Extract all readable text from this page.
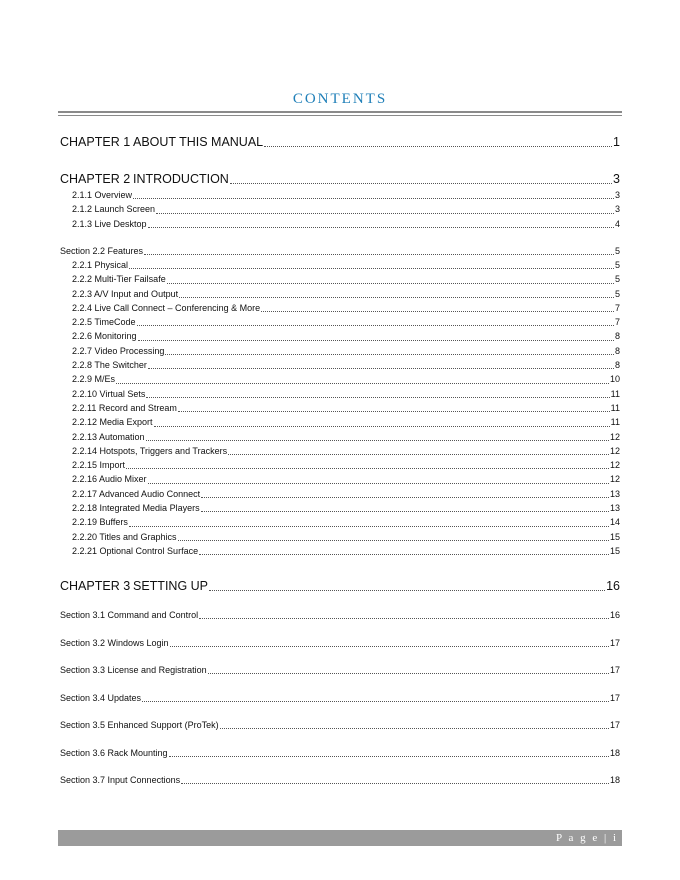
CONTENTS
CHAPTER 1 ABOUT THIS MANUAL	1
CHAPTER 2 INTRODUCTION	3
2.1.1 Overview	3
2.1.2 Launch Screen	3
2.1.3 Live Desktop	4
Section 2.2 Features	5
2.2.1 Physical	5
2.2.2 Multi-Tier Failsafe	5
2.2.3 A/V Input and Output	5
2.2.4 Live Call Connect – Conferencing & More	7
2.2.5 TimeCode	7
2.2.6 Monitoring	8
2.2.7 Video Processing	8
2.2.8 The Switcher	8
2.2.9 M/Es	10
2.2.10 Virtual Sets	11
2.2.11 Record and Stream	11
2.2.12 Media Export	11
2.2.13 Automation	12
2.2.14 Hotspots, Triggers and Trackers	12
2.2.15 Import	12
2.2.16 Audio Mixer	12
2.2.17 Advanced Audio Connect	13
2.2.18 Integrated Media Players	13
2.2.19 Buffers	14
2.2.20 Titles and Graphics	15
2.2.21 Optional Control Surface	15
CHAPTER 3 SETTING UP	16
P a g e | i
Section 3.1 Command and Control	16
Section 3.2 Windows Login	17
Section 3.3 License and Registration	17
Section 3.4 Updates	17
Section 3.5 Enhanced Support (ProTek)	17
Section 3.6 Rack Mounting	18
Section 3.7 Input Connections	18
